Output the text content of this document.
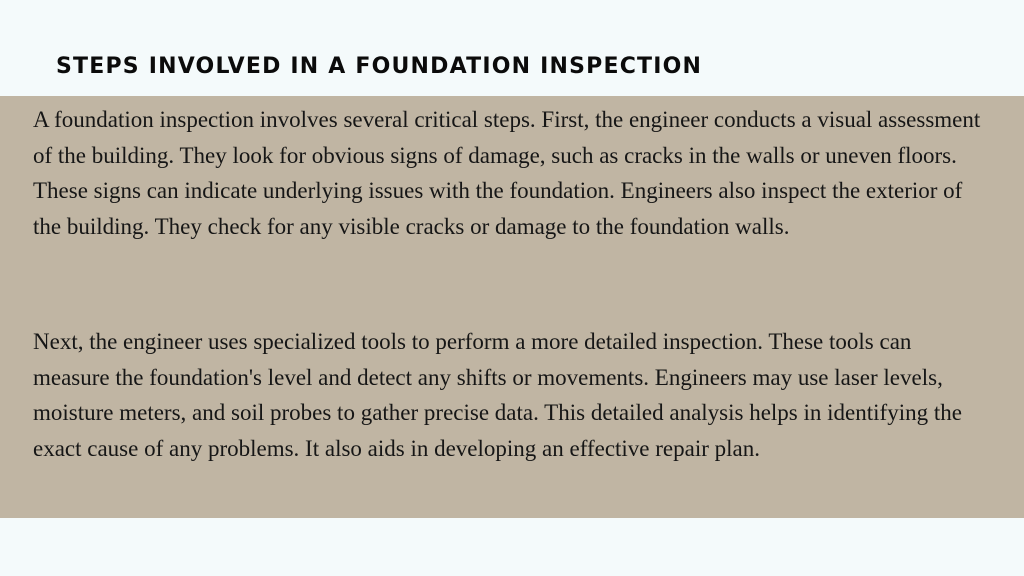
STEPS INVOLVED IN A FOUNDATION INSPECTION

A foundation inspection involves several critical steps. First, the engineer conducts a visual assessment of the building. They look for obvious signs of damage, such as cracks in the walls or uneven floors. These signs can indicate underlying issues with the foundation. Engineers also inspect the exterior of the building. They check for any visible cracks or damage to the foundation walls.

Next, the engineer uses specialized tools to perform a more detailed inspection. These tools can measure the foundation's level and detect any shifts or movements. Engineers may use laser levels, moisture meters, and soil probes to gather precise data. This detailed analysis helps in identifying the exact cause of any problems. It also aids in developing an effective repair plan.
